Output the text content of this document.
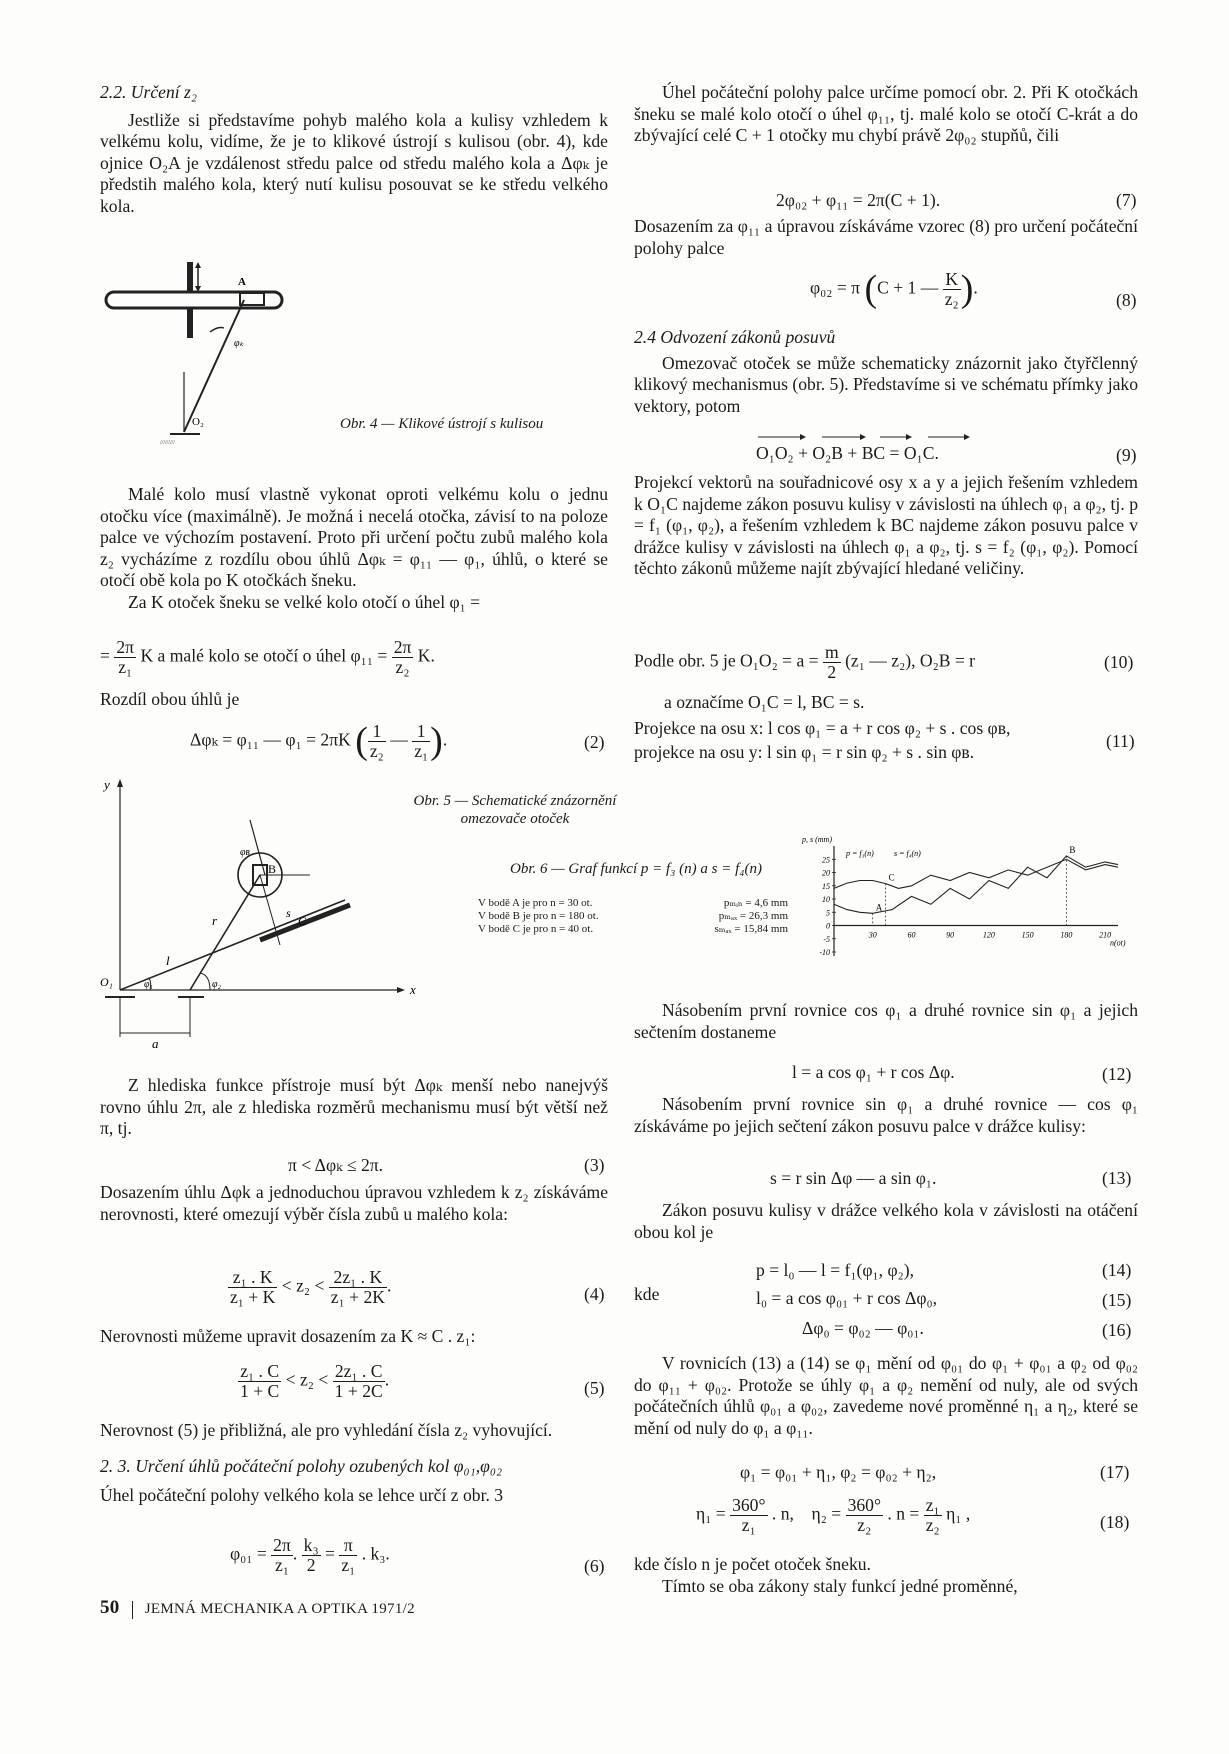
2.2. Určení z₂

Jestliže si představíme pohyb malého kola a kulisy vzhledem k velkému kolu, vidíme, že je to klikové ústrojí s kulisou (obr. 4), kde ojnice O₂A je vzdálenost středu palce od středu malého kola a Δφₖ je předstih malého kola, který nutí kulisu posouvat se ke středu velkého kola.

/////////
A
O₂
φₖ
Obr. 4 — Klikové ústrojí s kulisou

Malé kolo musí vlastně vykonat oproti velkému kolu o jednu otočku více (maximálně). Je možná i necelá otočka, závisí to na poloze palce ve výchozím postavení. Proto při určení počtu zubů malého kola z₂ vycházíme z rozdílu obou úhlů Δφₖ = φ₁₁ — φ₁, úhlů, o které se otočí obě kola po K otočkách šneku.

Za K otoček šneku se velké kolo otočí o úhel φ₁ =

= $\frac{2\pi}{\text{z₁}}$ K a malé kolo se otočí o úhel $\varphi_{11} = \frac{2\pi}{\text{z₂}} K$.
Rozdíl obou úhlů je
Δφₖ = φ₁₁ — φ₁ = 2πK ( $\frac{1}{\text{z₂}}$ — $\frac{1}{\text{z₁}}$ ).	(2)
y
x
O₁
l
r	s
a
B
C
φʙ
φ₁	φ₂
Obr. 5 — Schematické znázornění omezovače otoček

Z hlediska funkce přístroje musí být Δφₖ menší nebo nanejvýš rovno úhlu 2π, ale z hlediska rozměrů mechanismu musí být větší než π, tj.

π < Δφₖ ≤ 2π.	(3)

Dosazením úhlu Δφk a jednoduchou úpravou vzhledem k z₂ získáváme nerovnosti, které omezují výběr čísla zubů u malého kola:

$\frac{\text{z₁ . K}}{\text{z₁ + K}} < z_2 < \frac{\text{2z₁ . K}}{\text{z₁ + 2K}}$ .	(4)
Nerovnosti můžeme upravit dosazením za K ≈ C . z₁:
$\frac{\text{z₁ . C}}{1 + C} < z_2 < \frac{\text{2z₁ . C}}{1 + 2C}$ .	(5)

Nerovnost (5) je přibližná, ale pro vyhledání čísla z₂ vyhovující.

2. 3. Určení úhlů počáteční polohy ozubených kol φ₀₁,φ₀₂

Úhel počáteční polohy velkého kola se lehce určí z obr. 3

$\varphi_{01} = \frac{2\pi}{\text{z₁}}$ . $\frac{\text{k₃}}{2} = \frac{\pi}{\text{z₁}}$ . k₃.
(6)

Úhel počáteční polohy palce určíme pomocí obr. 2. Při K otočkách šneku se malé kolo otočí o úhel φ₁₁, tj. malé kolo se otočí C-krát a do zbývající celé C + 1 otočky mu chybí právě 2φ₀₂ stupňů, čili

2φ₀₂ + φ₁₁ = 2π(C + 1).	(7)

Dosazením za φ₁₁ a úpravou získáváme vzorec (8) pro určení počáteční polohy palce

φ₀₂ = π (C + 1 — $\frac{K}{\text{z₂}}$ ).
(8)
2.4 Odvození zákonů posuvů

Omezovač otoček se může schematicky znázornit jako čtyřčlenný klikový mechanismus (obr. 5). Představíme si ve schématu přímky jako vektory, potom

O₁O₂ + O₂B + BC = O₁C.	(9)

Projekcí vektorů na souřadnicové osy x a y a jejich řešením vzhledem k O₁C najdeme zákon posuvu kulisy v závislosti na úhlech φ₁ a φ₂, tj. p = f₁ (φ₁, φ₂), a řešením vzhledem k BC najdeme zákon posuvu palce v drážce kulisy v závislosti na úhlech φ₁ a φ₂, tj. s = f₂ (φ₁, φ₂). Pomocí těchto zákonů můžeme najít zbývající hledané veličiny.

Podle obr. 5 je $O_1O_2 = a = \frac{m}{2} (z_1$ — z₂), O₂B = r	(10)
a označíme O₁C = l, BC = s.
Projekce na osu x: l cos φ₁ = a + r cos φ₂ + s . cos φʙ,
projekce na osu y: l sin φ₁ = r sin φ₂ + s . sin φʙ.
(11)
Obr. 6 — Graf funkcí p = f₃ (n) a s = f₄(n)
V bodě A je pro n = 30 ot.	pₘᵢₙ = 4,6 mm
V bodě B je pro n = 180 ot.	pₘₐₓ = 26,3 mm
V bodě C je pro n = 40 ot.	sₘₐₓ = 15,84 mm
p, s (mm)
n(ot)
25
20
15
10
5
0
-5
-10
30	60	90	120	150	180	210
p = f₃(n)	s = f₄(n)
A
B
C

Násobením první rovnice cos φ₁ a druhé rovnice sin φ₁ a jejich sečtením dostaneme

l = a cos φ₁ + r cos Δφ.	(12)

Násobením první rovnice sin φ₁ a druhé rovnice — cos φ₁ získáváme po jejich sečtení zákon posuvu palce v drážce kulisy:

s = r sin Δφ — a sin φ₁.	(13)

Zákon posuvu kulisy v drážce velkého kola v závislosti na otáčení obou kol je

p = l₀ — l = f₁(φ₁, φ₂),	(14)
kde	l₀ = a cos φ₀₁ + r cos Δφ₀,	(15)
Δφ₀ = φ₀₂ — φ₀₁.	(16)

V rovnicích (13) a (14) se φ₁ mění od φ₀₁ do φ₁ + φ₀₁ a φ₂ od φ₀₂ do φ₁₁ + φ₀₂. Protože se úhly φ₁ a φ₂ nemění od nuly, ale od svých počátečních úhlů φ₀₁ a φ₀₂, zavedeme nové proměnné η₁ a η₂, které se mění od nuly do φ₁ a φ₁₁.

φ₁ = φ₀₁ + η₁, φ₂ = φ₀₂ + η₂,	(17)
$\eta_1 = \frac{360^\circ}{\text{z₁}}$ . n, $\eta_2 = \frac{360^\circ}{\text{z₂}}$ . $n = \frac{\text{z₁}}{\text{z₂}} \eta_1$ ,	(18)

kde číslo n je počet otoček šneku.

Tímto se oba zákony staly funkcí jedné proměnné,

50 JEMNÁ MECHANIKA A OPTIKA 1971/2
